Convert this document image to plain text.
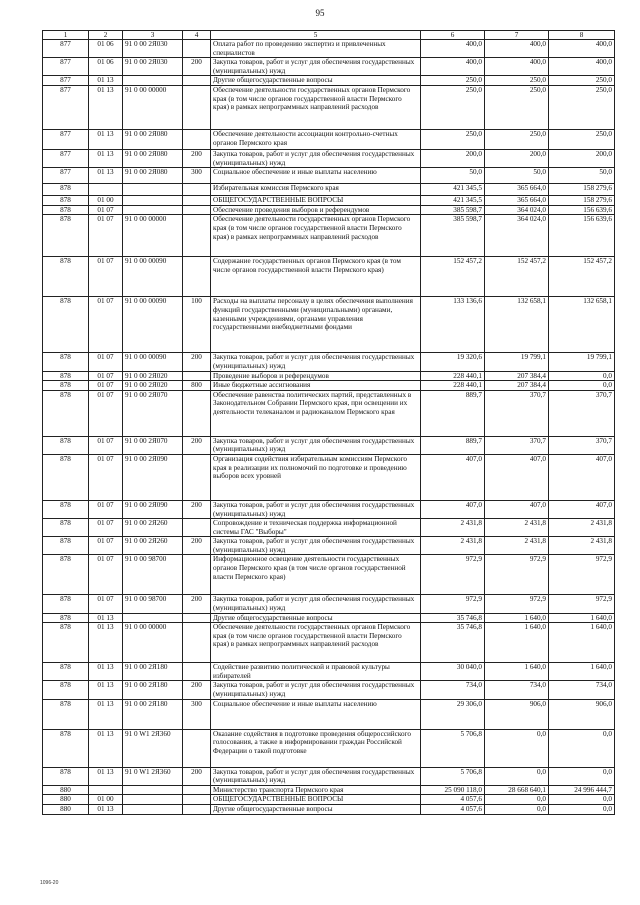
95
1	2	3	4	5	6	7	8
877	01 06	91 0 00 2Я030		Оплата работ по проведению экспертиз и привлеченных специалистов	400,0	400,0	400,0
877	01 06	91 0 00 2Я030	200	Закупка товаров, работ и услуг для обеспечения государственных (муниципальных) нужд	400,0	400,0	400,0
877	01 13			Другие общегосударственные вопросы	250,0	250,0	250,0
877	01 13	91 0 00 00000		Обеспечение деятельности государственных органов Пермского края (в том числе органов государственной власти Пермского края) в рамках непрограммных направлений расходов	250,0	250,0	250,0
877	01 13	91 0 00 2Я080		Обеспечение деятельности ассоциации контрольно-счетных органов Пермского края	250,0	250,0	250,0
877	01 13	91 0 00 2Я080	200	Закупка товаров, работ и услуг для обеспечения государственных (муниципальных) нужд	200,0	200,0	200,0
877	01 13	91 0 00 2Я080	300	Социальное обеспечение и иные выплаты населению	50,0	50,0	50,0
878				Избирательная комиссия Пермского края	421 345,5	365 664,0	158 279,6
878	01 00			ОБЩЕГОСУДАРСТВЕННЫЕ ВОПРОСЫ	421 345,5	365 664,0	158 279,6
878	01 07			Обеспечение проведения выборов и референдумов	385 598,7	364 024,0	156 639,6
878	01 07	91 0 00 00000		Обеспечение деятельности государственных органов Пермского края (в том числе органов государственной власти Пермского края) в рамках непрограммных направлений расходов	385 598,7	364 024,0	156 639,6
878	01 07	91 0 00 00090		Содержание государственных органов Пермского края (в том числе органов государственной власти Пермского края)	152 457,2	152 457,2	152 457,2
878	01 07	91 0 00 00090	100	Расходы на выплаты персоналу в целях обеспечения выполнения функций государственными (муниципальными) органами, казенными учреждениями, органами управления государственными внебюджетными фондами	133 136,6	132 658,1	132 658,1
878	01 07	91 0 00 00090	200	Закупка товаров, работ и услуг для обеспечения государственных (муниципальных) нужд	19 320,6	19 799,1	19 799,1
878	01 07	91 0 00 2Я020		Проведение выборов и референдумов	228 440,1	207 384,4	0,0
878	01 07	91 0 00 2Я020	800	Иные бюджетные ассигнования	228 440,1	207 384,4	0,0
878	01 07	91 0 00 2Я070		Обеспечение равенства политических партий, представленных в Законодательном Собрании Пермского края, при освещении их деятельности телеканалом и радиоканалом Пермского края	889,7	370,7	370,7
878	01 07	91 0 00 2Я070	200	Закупка товаров, работ и услуг для обеспечения государственных (муниципальных) нужд	889,7	370,7	370,7
878	01 07	91 0 00 2Я090		Организация содействия избирательным комиссиям Пермского края в реализации их полномочий по подготовке и проведению выборов всех уровней	407,0	407,0	407,0
878	01 07	91 0 00 2Я090	200	Закупка товаров, работ и услуг для обеспечения государственных (муниципальных) нужд	407,0	407,0	407,0
878	01 07	91 0 00 2Я260		Сопровождение и техническая поддержка информационной системы ГАС "Выборы"	2 431,8	2 431,8	2 431,8
878	01 07	91 0 00 2Я260	200	Закупка товаров, работ и услуг для обеспечения государственных (муниципальных) нужд	2 431,8	2 431,8	2 431,8
878	01 07	91 0 00 98700		Информационное освещение деятельности государственных органов Пермского края (в том числе органов государственной власти Пермского края)	972,9	972,9	972,9
878	01 07	91 0 00 98700	200	Закупка товаров, работ и услуг для обеспечения государственных (муниципальных) нужд	972,9	972,9	972,9
878	01 13			Другие общегосударственные вопросы	35 746,8	1 640,0	1 640,0
878	01 13	91 0 00 00000		Обеспечение деятельности государственных органов Пермского края (в том числе органов государственной власти Пермского края) в рамках непрограммных направлений расходов	35 746,8	1 640,0	1 640,0
878	01 13	91 0 00 2Я180		Содействие развитию политической и правовой культуры избирателей	30 040,0	1 640,0	1 640,0
878	01 13	91 0 00 2Я180	200	Закупка товаров, работ и услуг для обеспечения государственных (муниципальных) нужд	734,0	734,0	734,0
878	01 13	91 0 00 2Я180	300	Социальное обеспечение и иные выплаты населению	29 306,0	906,0	906,0
878	01 13	91 0 W1 2Я360		Оказание содействия в подготовке проведения общероссийского голосования, а также в информировании граждан Российской Федерации о такой подготовке	5 706,8	0,0	0,0
878	01 13	91 0 W1 2Я360	200	Закупка товаров, работ и услуг для обеспечения государственных (муниципальных) нужд	5 706,8	0,0	0,0
880				Министерство транспорта Пермского края	25 090 118,0	28 668 640,1	24 996 444,7
880	01 00			ОБЩЕГОСУДАРСТВЕННЫЕ ВОПРОСЫ	4 057,6	0,0	0,0
880	01 13			Другие общегосударственные вопросы	4 057,6	0,0	0,0
1096-20
